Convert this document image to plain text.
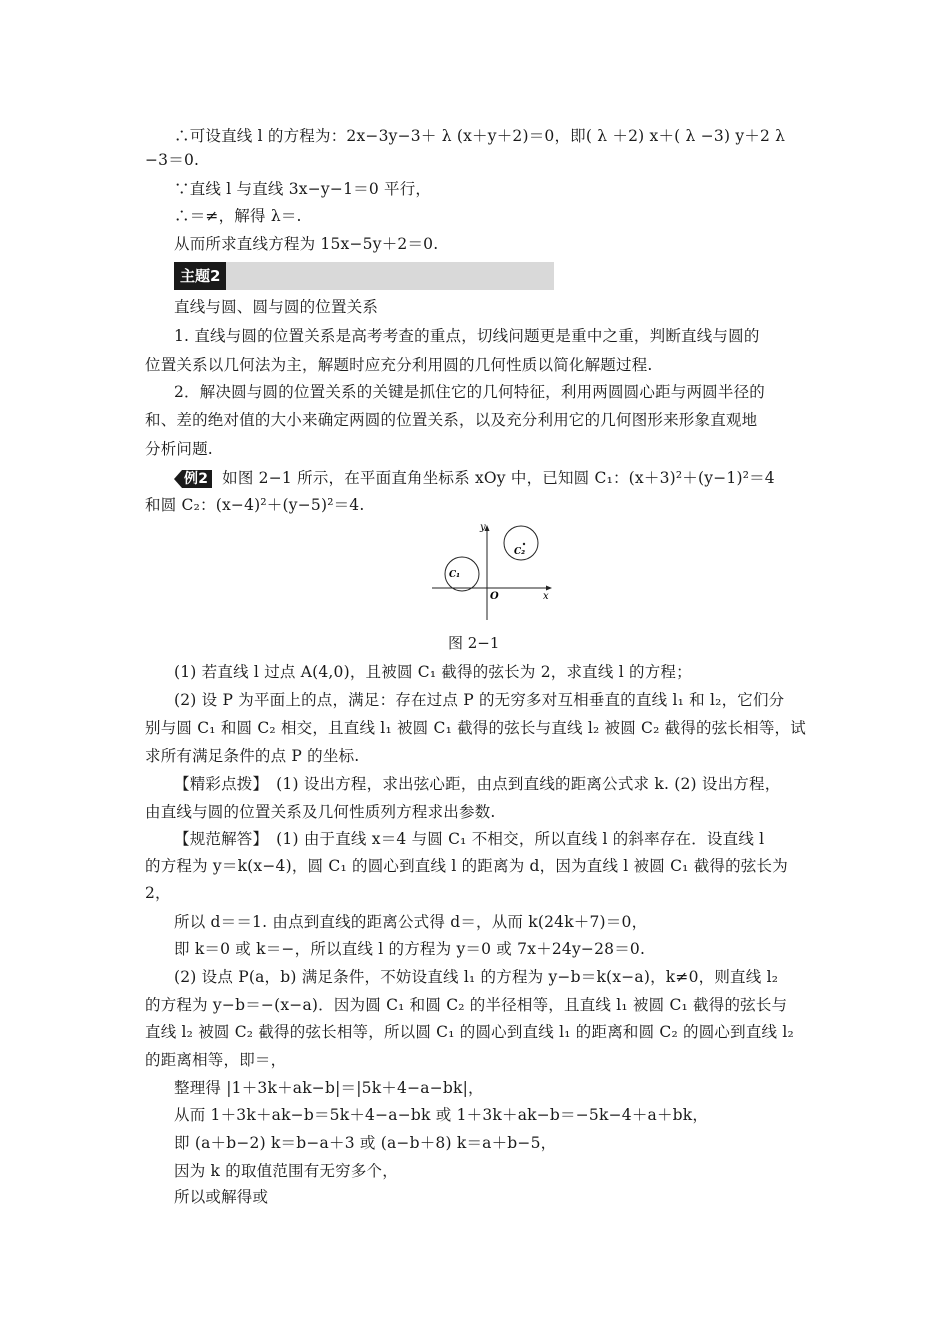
∴可设直线 l 的方程为：2x−3y−3＋ λ (x＋y＋2)＝0，即( λ ＋2) x＋( λ −3) y＋2 λ
−3＝0.
∵直线 l 与直线 3x−y−1＝0 平行，
∴＝≠，解得 λ＝.
从而所求直线方程为 15x−5y＋2＝0.
主题2
直线与圆、圆与圆的位置关系
1. 直线与圆的位置关系是高考考查的重点，切线问题更是重中之重，判断直线与圆的
位置关系以几何法为主，解题时应充分利用圆的几何性质以简化解题过程.
2．解决圆与圆的位置关系的关键是抓住它的几何特征，利用两圆圆心距与两圆半径的
和、差的绝对值的大小来确定两圆的位置关系，以及充分利用它的几何图形来形象直观地
分析问题.
例2 如图 2−1 所示，在平面直角坐标系 xOy 中，已知圆 C₁：(x＋3)²＋(y−1)²＝4
和圆 C₂：(x−4)²＋(y−5)²＝4.
y
x
O
C₁
C₂
图 2−1
(1) 若直线 l 过点 A(4,0)，且被圆 C₁ 截得的弦长为 2，求直线 l 的方程；
(2) 设 P 为平面上的点，满足：存在过点 P 的无穷多对互相垂直的直线 l₁ 和 l₂，它们分
别与圆 C₁ 和圆 C₂ 相交，且直线 l₁ 被圆 C₁ 截得的弦长与直线 l₂ 被圆 C₂ 截得的弦长相等，试
求所有满足条件的点 P 的坐标.
【精彩点拨】　(1) 设出方程，求出弦心距，由点到直线的距离公式求 k. (2) 设出方程，
由直线与圆的位置关系及几何性质列方程求出参数.
【规范解答】　(1) 由于直线 x＝4 与圆 C₁ 不相交，所以直线 l 的斜率存在．设直线 l
的方程为 y＝k(x−4)，圆 C₁ 的圆心到直线 l 的距离为 d，因为直线 l 被圆 C₁ 截得的弦长为
2，
所以 d＝＝1. 由点到直线的距离公式得 d＝，从而 k(24k＋7)＝0，
即 k＝0 或 k＝−，所以直线 l 的方程为 y＝0 或 7x＋24y−28＝0.
(2) 设点 P(a，b) 满足条件，不妨设直线 l₁ 的方程为 y−b＝k(x−a)，k≠0，则直线 l₂
的方程为 y−b＝−(x−a)．因为圆 C₁ 和圆 C₂ 的半径相等，且直线 l₁ 被圆 C₁ 截得的弦长与
直线 l₂ 被圆 C₂ 截得的弦长相等，所以圆 C₁ 的圆心到直线 l₁ 的距离和圆 C₂ 的圆心到直线 l₂
的距离相等，即＝，
整理得 |1＋3k＋ak−b|＝|5k＋4−a−bk|，
从而 1＋3k＋ak−b＝5k＋4−a−bk 或 1＋3k＋ak−b＝−5k−4＋a＋bk，
即 (a＋b−2) k＝b−a＋3 或 (a−b＋8) k＝a＋b−5，
因为 k 的取值范围有无穷多个，
所以或解得或
